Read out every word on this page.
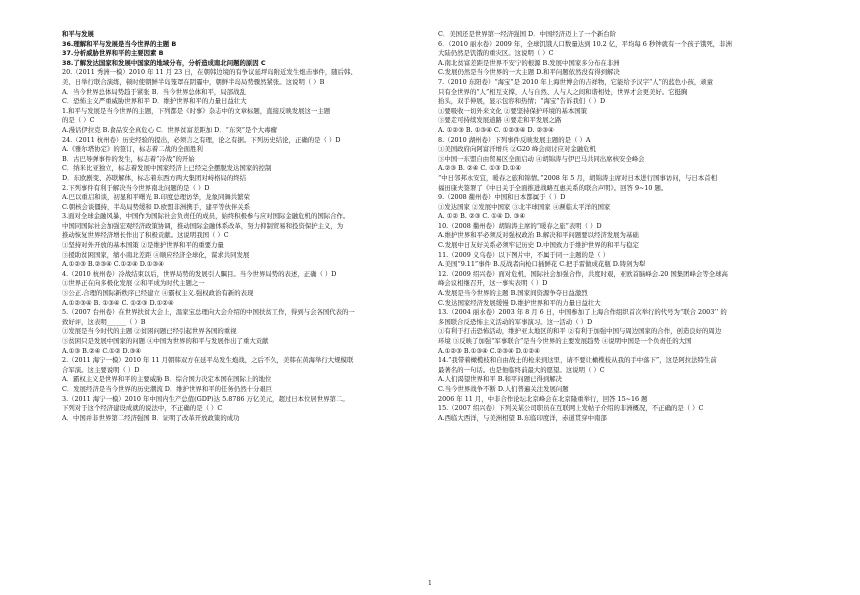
和平与发展
36.理解和平与发展是当今世界的主题 B
37.分析威胁世界和平的主要因素 B
38.了解发达国家和发展中国家的地域分布，分析造成南北问题的原因 C
20.（2011 秀洲一模）2010 年 11 月 23 日，在朝韩边境的有争议延坪岛附近发生炮击事件，随后韩、
美、日举行联合演练，顿时使朝鲜半岛笼罩在阴霾中，朝鲜半岛局势骤然紧张。这说明（ ）B
A．当今世界总体局势趋于紧张 B．当今世界总体和平，局部战乱
C．恐怖主义严重威胁世界和平 D．维护世界和平的力量日益壮大
1.和平与发展是当今世界的主题，下列都是《时事》杂志中的文章标题，直接反映发展这一主题
的是（ ）C
A.漫话伊拉克 B.食品安全真危心 C．世界贫富差距加 D．“东突”是个大毒瘤
24.（2011 杭州卷）历史经验的提出，必须言之有理，论之有据。下列历史结论，正确的是（ ）D
A.《雅尔塔协定》的签订，标志着二战的全面胜利
B．古巴导弹事件的发生，标志着“冷战”的开始
C．纳米比亚独立，标志着发展中国家经济上已经完全摆脱发达国家的控制
D．东欧剧变、苏联解体，标志着东西方两大集团对峙格局的终结
2.下列事件有利于解决当今世界南北问题的是（ ）D
A.巴以重启和谈，初显和平曙光 B.印度总理访华，龙象同舞共繁荣
C.朝核会谈僵持，半岛局势缓和 D.欧盟非洲携手，建平等伙伴关系
3.面对全球金融风暴，中国作为国际社会负责任的成员，始终积极参与应对国际金融危机的国际合作。
中国同国际社会加强宏观经济政策协调，推动国际金融体系改革，努力抑制贸易和投资保护主义，为
推动恢复世界经济增长作出了积极贡献。这说明我国（ ）C
①坚持对外开放的基本国策 ②是维护世界和平的重要力量
③援助贫困国家，缩小南北差距 ④顺应经济全球化，谋求共同发展
A.①②③ B.②③④ C.①②④ D.①③④
4.（2010 杭州卷）冷战结束以后，世界局势的发展引人瞩目。当今世界局势的表述，正确（ ）D
①世界正在向多极化发展 ②和平成为时代主题之一
③公正.合理的国际新秩序已经建立 ④霸权主义.强权政治有新的表现
A.①②③④ B. ①③④ C. ①②③ D.①②④
5.（2007 台州卷）在世界扶贫大会上，温家宝总理向大会介绍的中国扶贫工作，得到与会各国代表的一
致好评，这表明______（ ）B
①发展是当今时代的主题 ②贫困问题已经引起世界各国的重视
③贫困只是发展中国家的问题 ④中国为世界的和平与发展作出了重大贡献
A.①③ B.②④ C.①② D.③④
2.（2011 海宁一模）2010 年 11 月朝韩双方在延平岛发生炮战，之后不久，美韩在黄海举行大规模联
合军演。这主要说明（ ）D
A．霸权主义是世界和平的主要威胁 B．综合国力决定本国在国际上的地位
C．发展经济是当今世界的历史潮流 D．维护世界和平的任务仍然十分艰巨
3.（2011 海宁一模）2010 年中国内生产总值(GDP)达 5.8786 万亿美元，超过日本位居世界第二。
下列对于这个经济建设成就的说法中，不正确的是（ ）C
A．中国并非世界第二经济强国 B．证明了改革开放政策的成功
C．美国还是世界第一经济强国 D．中国经济迈上了一个新台阶
6．（2010 丽水卷）2009 年，全球饥饿人口数量达到 10.2 亿，平均每 6 秒钟就有一个孩子饿死，非洲
大陆仍然是饥饿的重灾区。这说明（ ）C
A.南北贫富差距是世界不安宁的根源 B.发展中国家多分布在非洲
C.发展仍然是当今世界的一大主题 D.和平问题依然没有得到解决
7.（2010 东阳卷）“海宝”是 2010 年上海世博会的吉祥物，它能给予汉字“人”的蓝色小孩，顽童
只有全世界的“人”相互支撑，人与自然、人与人之间和谐相处，世界才会更美好。它挺胸
抬头，双手伸展，显示包容和热情；“海宝”告诉我们（ ）D
①要吸收一切外来文化 ②要坚持保护环境的基本国策
③要走可持续发展道路 ④要走和平发展之路
A. ①②③ B. ①③④ C. ①②③④ D. ②③④
8.（2010 湖州卷）下列事件反映发展主题的是（ ）A
①美国政府向阿富汗增兵 ②G20 峰会商讨应对金融危机
③中国一东盟自由贸易区全面启动 ④胡锦涛与伊巴马共同出席核安全峰会
A.②③ B. ②④ C. ①③ D.①④
“中日邻邦永安宜，暖春之旅和锦情。”2008 年 5 月，胡锦涛主席对日本进行国事访问，与日本首相
福田康夫签署了《中日关于全面推进战略互惠关系的联合声明》。回答 9~10 题。
9.（2008 衢州卷）中国和日本都属于（ ）D
①发达国家 ②发展中国家 ③北半球国家 ④濒临太平洋的国家
A. ①② B. ②③ C. ①④ D. ③④
10.（2008 衢州卷）胡锦涛主席的“暖春之旅”表明（ ）D
A.维护世界和平必须反对强权政治 B.解决和平问题要以经济发展为基础
C.发展中日友好关系必须牢记历史 D.中国致力于维护世界的和平与稳定
11.（2009 义乌卷）以下图片中，不属于同一主题的是（ ）
A.美国“9.11”事件 B.反战者向枪口插鲜花 C.把手雷做成花瓶 D.铸剑为犁
12.（2009 绍兴卷）面对危机，国际社会加强合作，共度时艰，亚欧首脑峰会.20 国集团峰会等全球高
峰会议相继召开，这一事实表明（ ）D
A.发展是当今世界的主题 B.国家间资源争夺日益激烈
C.发达国家经济发展缓慢 D.维护世界和平的力量日益壮大
13.（2004 丽水卷）2003 年 8 月 6 日，中国参加了上海合作组织首次举行的代号为“联合 2003’’ 的
多国联合反恐怖主义活动的军事演习。这一活动（ ）D
①有利于打击恐怖活动，维护亚太地区的和平 ②有利于加强中国与周边国家的合作，创造良好的周边
环境 ③反映了加强“军事联合”是当今世界的主要发展趋势 ④说明中国是一个负责任的大国
A.①②③ B.①③④ C.②③④ D.①②④
14.“我带着橄榄枝和自由战士的枪来到这里，请不要让橄榄枝从我的手中落下”，这是阿拉法特生前
最著名的一句话。也是他临终前最大的愿望。这说明（ ）C
A.人们渴望世界和平 B.和平问题已得到解决
C.当今世界战争不断 D.人们普遍关注发展问题
2006 年 11 月，中非合作论坛北京峰会在北京隆重举行，回答 15~16 题
15.（2007 绍兴卷）下列关某公司职员在互联网上发帖子介绍的非洲概况，不正确的是（ ）C
A.西临大西洋，与美洲相望 B.东临印度洋，赤道贯穿中南部
1
